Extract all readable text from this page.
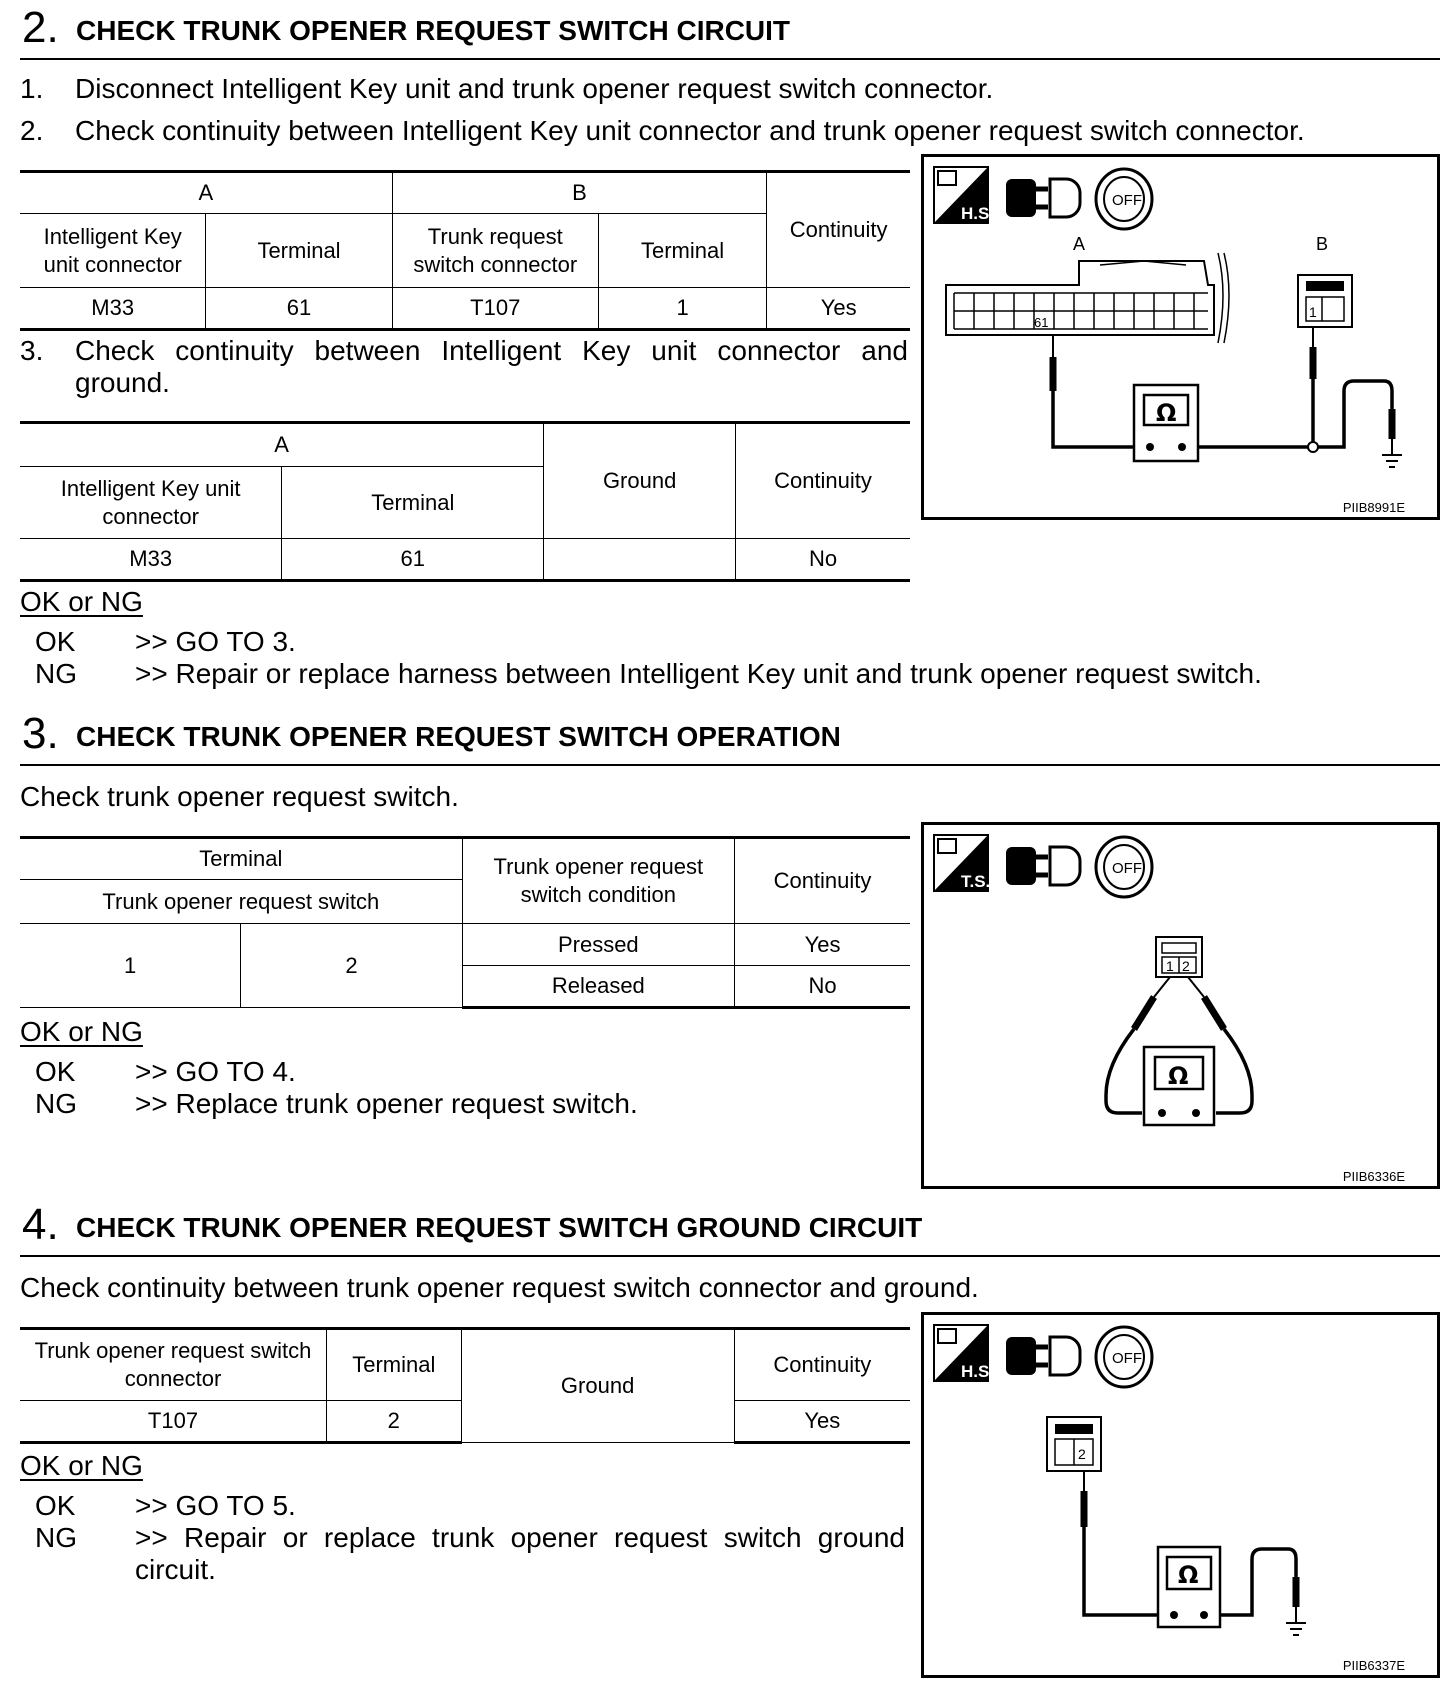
2. CHECK TRUNK OPENER REQUEST SWITCH CIRCUIT
1. Disconnect Intelligent Key unit and trunk opener request switch connector.
2. Check continuity between Intelligent Key unit connector and trunk opener request switch connector.
A		B		Continuity
Intelligent Key unit connector	Terminal	Trunk request switch connector	Terminal	
M33	61	T107	1	Yes
3. Check continuity between Intelligent Key unit connector and ground.
A		Ground	Continuity
Intelligent Key unit connector	Terminal		
M33	61		No
OK or NG
OK >> GO TO 3.
NG >> Repair or replace harness between Intelligent Key unit and trunk opener request switch.
H.S.
OFF
A	B
61
1
Ω
PIIB8991E
3. CHECK TRUNK OPENER REQUEST SWITCH OPERATION
Check trunk opener request switch.
Terminal		Trunk opener request switch condition	Continuity
Trunk opener request switch			
1	2	Pressed	Yes
		Released	No
OK or NG
OK >> GO TO 4.
NG >> Replace trunk opener request switch.
T.S.
OFF
1 2
Ω
PIIB6336E
4. CHECK TRUNK OPENER REQUEST SWITCH GROUND CIRCUIT
Check continuity between trunk opener request switch connector and ground.
Trunk opener request switch connector	Terminal	Ground	Continuity
T107	2		Yes
OK or NG
OK >> GO TO 5.
NG >> Repair or replace trunk opener request switch ground circuit.
H.S.
OFF
2
Ω
PIIB6337E
